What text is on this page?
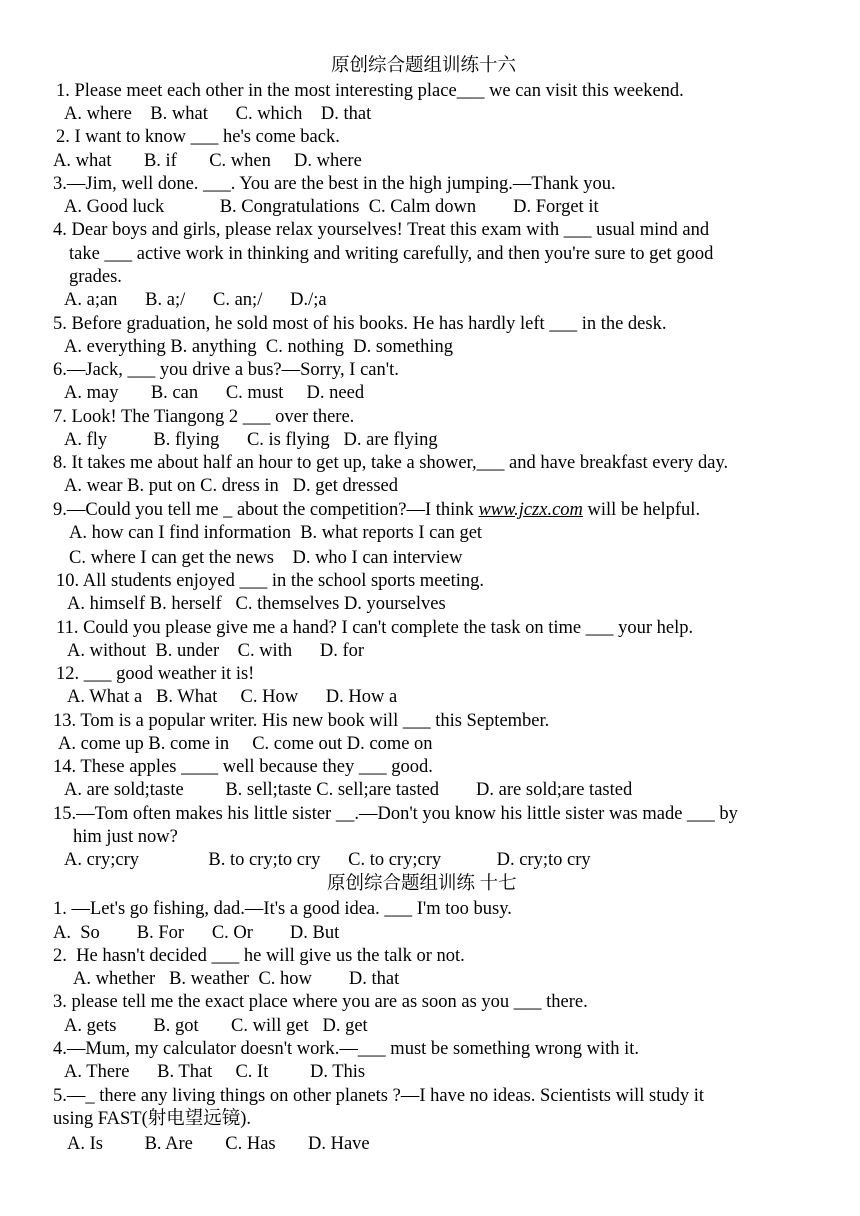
原创综合题组训练十六
1. Please meet each other in the most interesting place___ we can visit this weekend.
A. where    B. what      C. which    D. that
2. I want to know ___ he's come back.
A. what       B. if       C. when     D. where
3.—Jim, well done. ___. You are the best in the high jumping.—Thank you.
A. Good luck            B. Congratulations  C. Calm down        D. Forget it
4. Dear boys and girls, please relax yourselves! Treat this exam with ___ usual mind and
take ___ active work in thinking and writing carefully, and then you're sure to get good
grades.
A. a;an      B. a;/      C. an;/      D./;a
5. Before graduation, he sold most of his books. He has hardly left ___ in the desk.
A. everything B. anything  C. nothing  D. something
6.—Jack, ___ you drive a bus?—Sorry, I can't.
A. may       B. can      C. must     D. need
7. Look! The Tiangong 2 ___ over there.
A. fly          B. flying      C. is flying   D. are flying
8. It takes me about half an hour to get up, take a shower,___ and have breakfast every day.
A. wear B. put on C. dress in   D. get dressed
9.—Could you tell me _ about the competition?—I think www.jczx.com will be helpful.
A. how can I find information  B. what reports I can get
C. where I can get the news    D. who I can interview
10. All students enjoyed ___ in the school sports meeting.
A. himself B. herself   C. themselves D. yourselves
11. Could you please give me a hand? I can't complete the task on time ___ your help.
A. without  B. under    C. with      D. for
12. ___ good weather it is!
A. What a   B. What     C. How      D. How a
13. Tom is a popular writer. His new book will ___ this September.
A. come up B. come in     C. come out D. come on
14. These apples ____ well because they ___ good.
A. are sold;taste         B. sell;taste C. sell;are tasted        D. are sold;are tasted
15.—Tom often makes his little sister __.—Don't you know his little sister was made ___ by
him just now?
A. cry;cry               B. to cry;to cry      C. to cry;cry            D. cry;to cry
原创综合题组训练 十七
1. —Let's go fishing, dad.—It's a good idea. ___ I'm too busy.
A.  So        B. For      C. Or        D. But
2.  He hasn't decided ___ he will give us the talk or not.
A. whether   B. weather  C. how        D. that
3. please tell me the exact place where you are as soon as you ___ there.
A. gets        B. got       C. will get   D. get
4.—Mum, my calculator doesn't work.—___ must be something wrong with it.
A. There      B. That     C. It         D. This
5.—_ there any living things on other planets ?—I have no ideas. Scientists will study it
using FAST(射电望远镜).
A. Is         B. Are       C. Has       D. Have
